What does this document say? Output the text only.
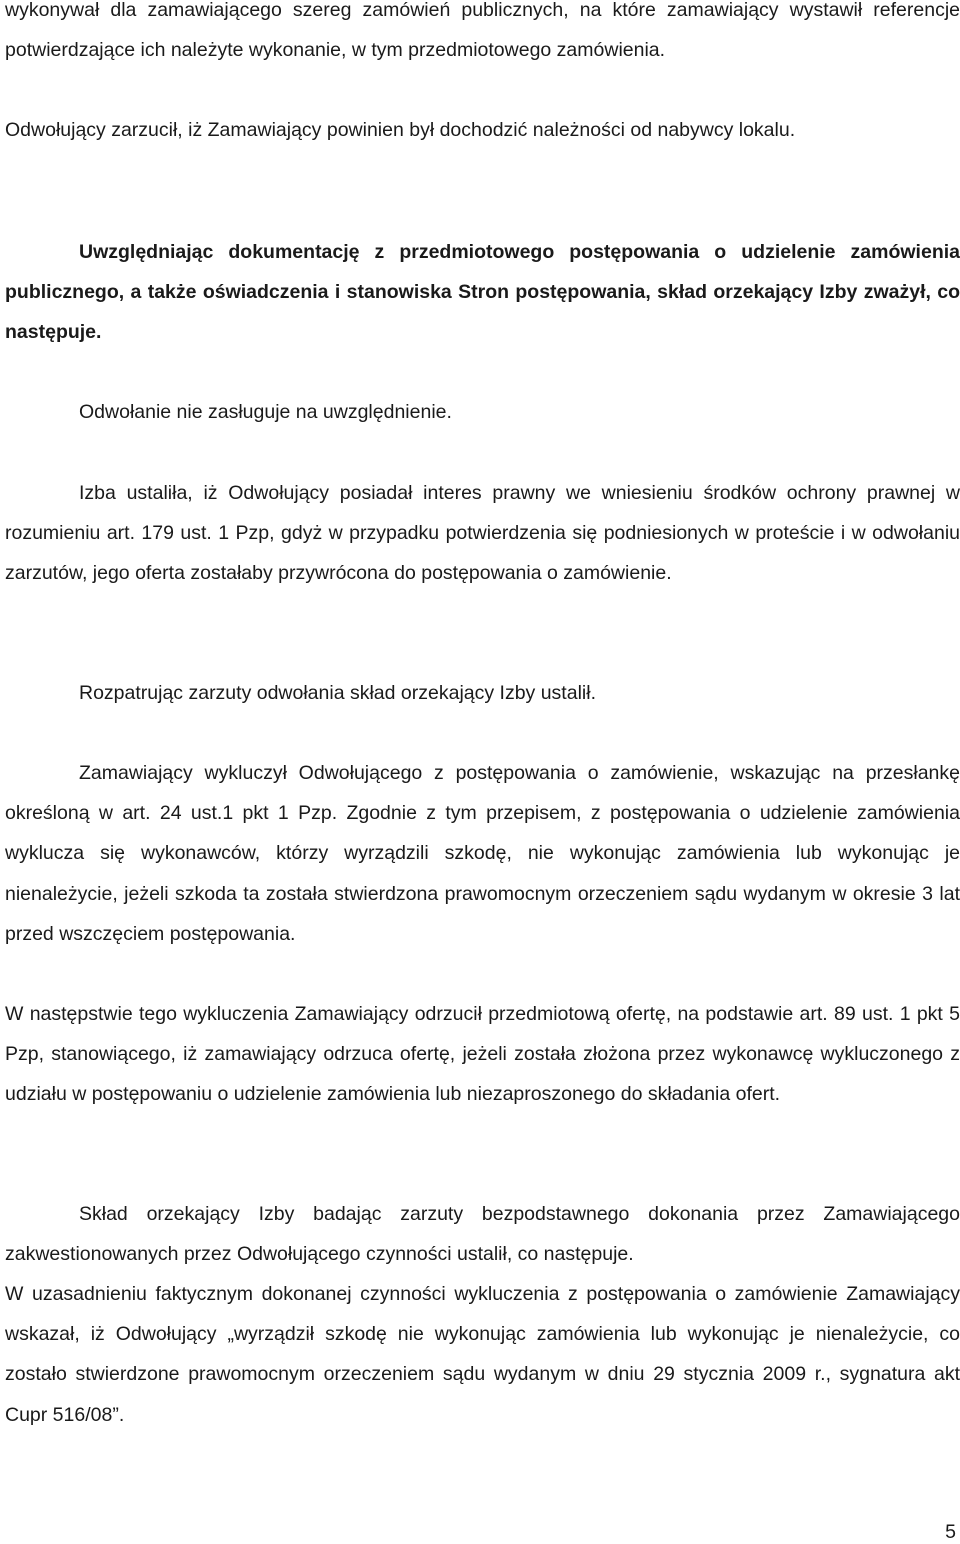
wykonywał dla zamawiającego szereg zamówień publicznych, na które zamawiający wystawił referencje potwierdzające ich należyte wykonanie, w tym przedmiotowego zamówienia.

Odwołujący zarzucił, iż Zamawiający powinien był dochodzić należności od nabywcy lokalu.

Uwzględniając dokumentację z przedmiotowego postępowania o udzielenie zamówienia publicznego, a także oświadczenia i stanowiska Stron postępowania, skład orzekający Izby zważył, co następuje.

Odwołanie nie zasługuje na uwzględnienie.

Izba ustaliła, iż Odwołujący posiadał interes prawny we wniesieniu środków ochrony prawnej w rozumieniu art. 179 ust. 1 Pzp, gdyż w przypadku potwierdzenia się podniesionych w proteście i w odwołaniu zarzutów, jego oferta zostałaby przywrócona do postępowania o zamówienie.

Rozpatrując zarzuty odwołania skład orzekający Izby ustalił.

Zamawiający wykluczył Odwołującego z postępowania o zamówienie, wskazując na przesłankę określoną w art. 24 ust.1 pkt 1 Pzp. Zgodnie z tym przepisem, z postępowania o udzielenie zamówienia wyklucza się wykonawców, którzy wyrządzili szkodę, nie wykonując zamówienia lub wykonując je nienależycie, jeżeli szkoda ta została stwierdzona prawomocnym orzeczeniem sądu wydanym w okresie 3 lat przed wszczęciem postępowania.

W następstwie tego wykluczenia Zamawiający odrzucił przedmiotową ofertę, na podstawie art. 89 ust. 1 pkt 5 Pzp, stanowiącego, iż zamawiający odrzuca ofertę, jeżeli została złożona przez wykonawcę wykluczonego z udziału w postępowaniu o udzielenie zamówienia lub niezaproszonego do składania ofert.

Skład orzekający Izby badając zarzuty bezpodstawnego dokonania przez Zamawiającego zakwestionowanych przez Odwołującego czynności ustalił, co następuje.

W uzasadnieniu faktycznym dokonanej czynności wykluczenia z postępowania o zamówienie Zamawiający wskazał, iż Odwołujący „wyrządził szkodę nie wykonując zamówienia lub wykonując je nienależycie, co zostało stwierdzone prawomocnym orzeczeniem sądu wydanym w dniu 29 stycznia 2009 r., sygnatura akt Cupr 516/08”.

5
